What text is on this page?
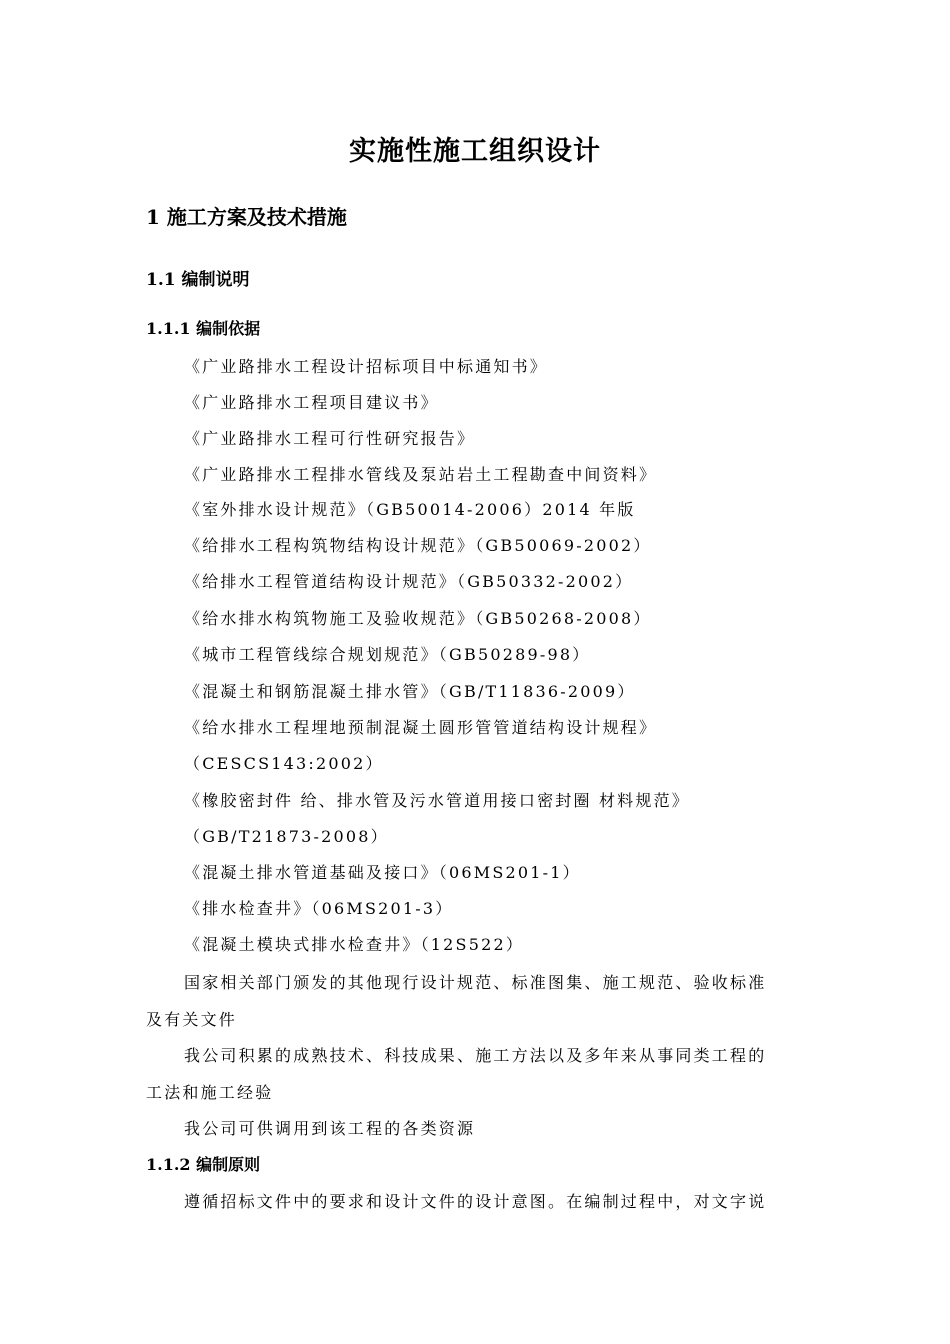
实施性施工组织设计
1 施工方案及技术措施
1.1 编制说明
1.1.1 编制依据
《广业路排水工程设计招标项目中标通知书》
《广业路排水工程项目建议书》
《广业路排水工程可行性研究报告》
《广业路排水工程排水管线及泵站岩土工程勘查中间资料》
《室外排水设计规范》（GB50014-2006）2014 年版
《给排水工程构筑物结构设计规范》（GB50069-2002）
《给排水工程管道结构设计规范》（GB50332-2002）
《给水排水构筑物施工及验收规范》（GB50268-2008）
《城市工程管线综合规划规范》（GB50289-98）
《混凝土和钢筋混凝土排水管》（GB/T11836-2009）
《给水排水工程埋地预制混凝土圆形管管道结构设计规程》
（CESCS143:2002）
《橡胶密封件 给、排水管及污水管道用接口密封圈 材料规范》
（GB/T21873-2008）
《混凝土排水管道基础及接口》（06MS201-1）
《排水检查井》（06MS201-3）
《混凝土模块式排水检查井》（12S522）
国家相关部门颁发的其他现行设计规范、标准图集、施工规范、验收标准
及有关文件
我公司积累的成熟技术、科技成果、施工方法以及多年来从事同类工程的
工法和施工经验
我公司可供调用到该工程的各类资源
1.1.2 编制原则
遵循招标文件中的要求和设计文件的设计意图。在编制过程中，对文字说
